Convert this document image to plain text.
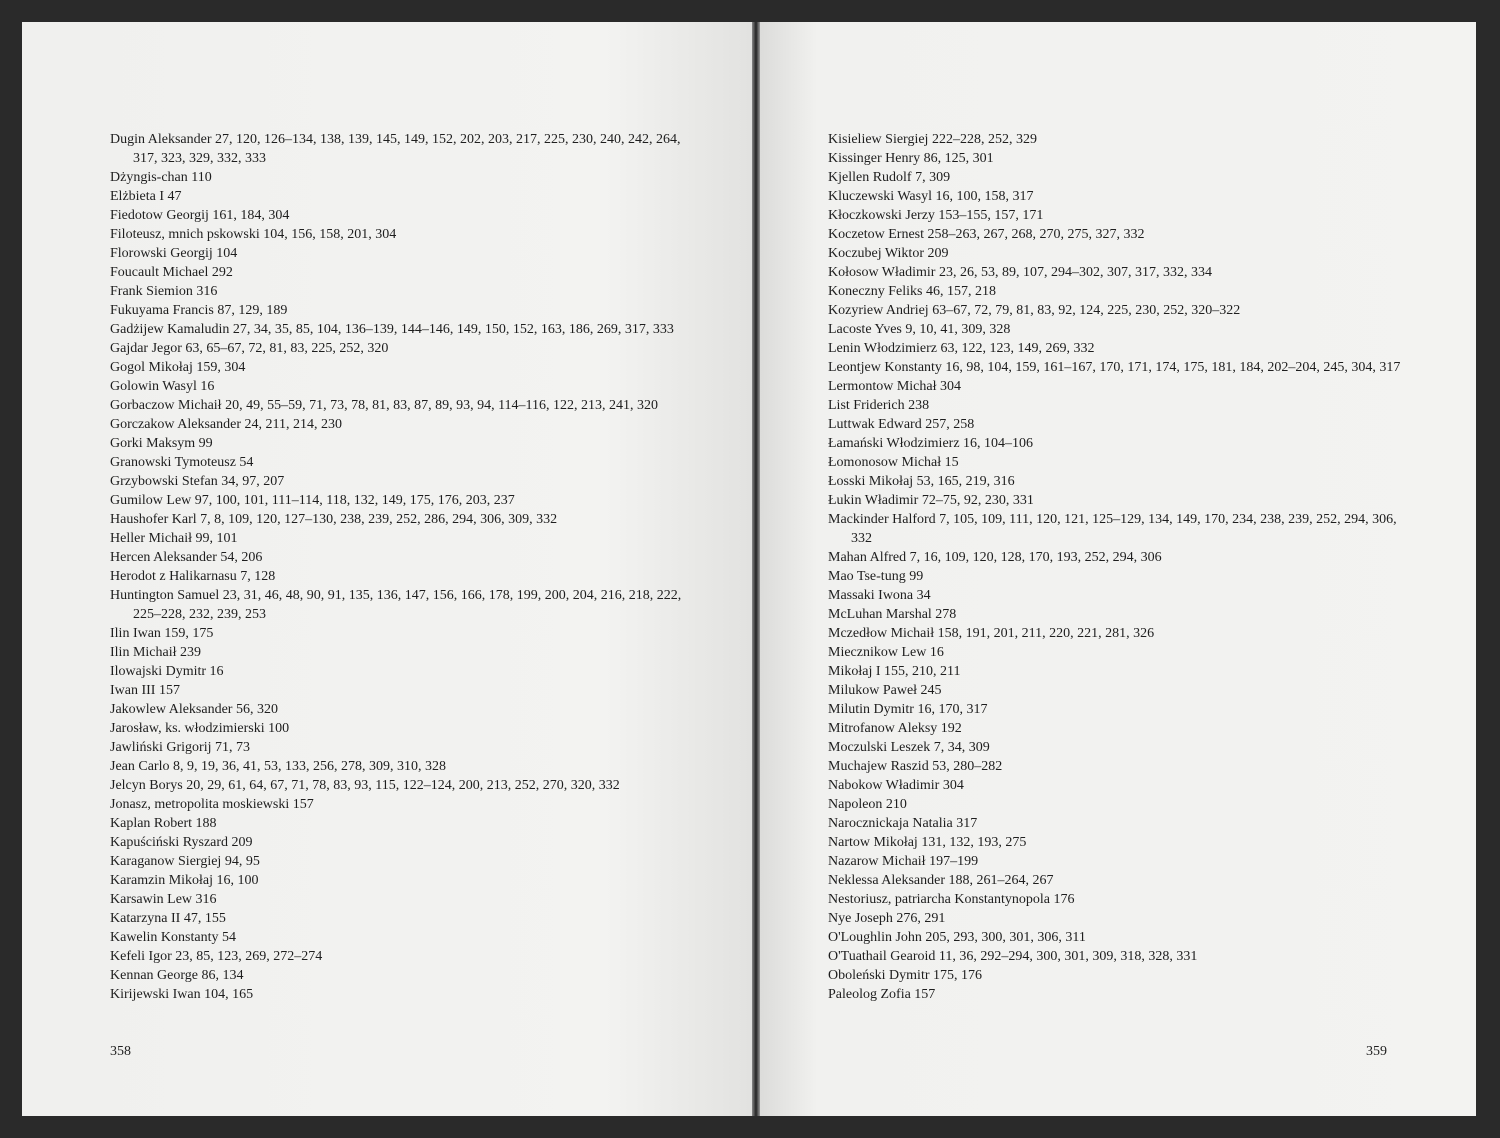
Dugin Aleksander 27, 120, 126–134, 138, 139, 145, 149, 152, 202, 203, 217, 225, 230, 240, 242, 264, 317, 323, 329, 332, 333

Dżyngis-chan 110

Elżbieta I 47

Fiedotow Georgij 161, 184, 304

Filoteusz, mnich pskowski 104, 156, 158, 201, 304

Florowski Georgij 104

Foucault Michael 292

Frank Siemion 316

Fukuyama Francis 87, 129, 189

Gadżijew Kamaludin 27, 34, 35, 85, 104, 136–139, 144–146, 149, 150, 152, 163, 186, 269, 317, 333

Gajdar Jegor 63, 65–67, 72, 81, 83, 225, 252, 320

Gogol Mikołaj 159, 304

Golowin Wasyl 16

Gorbaczow Michaił 20, 49, 55–59, 71, 73, 78, 81, 83, 87, 89, 93, 94, 114–116, 122, 213, 241, 320

Gorczakow Aleksander 24, 211, 214, 230

Gorki Maksym 99

Granowski Tymoteusz 54

Grzybowski Stefan 34, 97, 207

Gumilow Lew 97, 100, 101, 111–114, 118, 132, 149, 175, 176, 203, 237

Haushofer Karl 7, 8, 109, 120, 127–130, 238, 239, 252, 286, 294, 306, 309, 332

Heller Michaił 99, 101

Hercen Aleksander 54, 206

Herodot z Halikarnasu 7, 128

Huntington Samuel 23, 31, 46, 48, 90, 91, 135, 136, 147, 156, 166, 178, 199, 200, 204, 216, 218, 222, 225–228, 232, 239, 253

Ilin Iwan 159, 175

Ilin Michaił 239

Ilowajski Dymitr 16

Iwan III 157

Jakowlew Aleksander 56, 320

Jarosław, ks. włodzimierski 100

Jawliński Grigorij 71, 73

Jean Carlo 8, 9, 19, 36, 41, 53, 133, 256, 278, 309, 310, 328

Jelcyn Borys 20, 29, 61, 64, 67, 71, 78, 83, 93, 115, 122–124, 200, 213, 252, 270, 320, 332

Jonasz, metropolita moskiewski 157

Kaplan Robert 188

Kapuściński Ryszard 209

Karaganow Siergiej 94, 95

Karamzin Mikołaj 16, 100

Karsawin Lew 316

Katarzyna II 47, 155

Kawelin Konstanty 54

Kefeli Igor 23, 85, 123, 269, 272–274

Kennan George 86, 134

Kirijewski Iwan 104, 165

358

Kisieliew Siergiej 222–228, 252, 329

Kissinger Henry 86, 125, 301

Kjellen Rudolf 7, 309

Kluczewski Wasyl 16, 100, 158, 317

Kłoczkowski Jerzy 153–155, 157, 171

Koczetow Ernest 258–263, 267, 268, 270, 275, 327, 332

Koczubej Wiktor 209

Kołosow Władimir 23, 26, 53, 89, 107, 294–302, 307, 317, 332, 334

Koneczny Feliks 46, 157, 218

Kozyriew Andriej 63–67, 72, 79, 81, 83, 92, 124, 225, 230, 252, 320–322

Lacoste Yves 9, 10, 41, 309, 328

Lenin Włodzimierz 63, 122, 123, 149, 269, 332

Leontjew Konstanty 16, 98, 104, 159, 161–167, 170, 171, 174, 175, 181, 184, 202–204, 245, 304, 317

Lermontow Michał 304

List Friderich 238

Luttwak Edward 257, 258

Łamański Włodzimierz 16, 104–106

Łomonosow Michał 15

Łosski Mikołaj 53, 165, 219, 316

Łukin Władimir 72–75, 92, 230, 331

Mackinder Halford 7, 105, 109, 111, 120, 121, 125–129, 134, 149, 170, 234, 238, 239, 252, 294, 306, 332

Mahan Alfred 7, 16, 109, 120, 128, 170, 193, 252, 294, 306

Mao Tse-tung 99

Massaki Iwona 34

McLuhan Marshal 278

Mczedłow Michaił 158, 191, 201, 211, 220, 221, 281, 326

Miecznikow Lew 16

Mikołaj I 155, 210, 211

Milukow Paweł 245

Milutin Dymitr 16, 170, 317

Mitrofanow Aleksy 192

Moczulski Leszek 7, 34, 309

Muchajew Raszid 53, 280–282

Nabokow Władimir 304

Napoleon 210

Narocznickaja Natalia 317

Nartow Mikołaj 131, 132, 193, 275

Nazarow Michaił 197–199

Neklessa Aleksander 188, 261–264, 267

Nestoriusz, patriarcha Konstantynopola 176

Nye Joseph 276, 291

O'Loughlin John 205, 293, 300, 301, 306, 311

O'Tuathail Gearoid 11, 36, 292–294, 300, 301, 309, 318, 328, 331

Oboleński Dymitr 175, 176

Paleolog Zofia 157

359
